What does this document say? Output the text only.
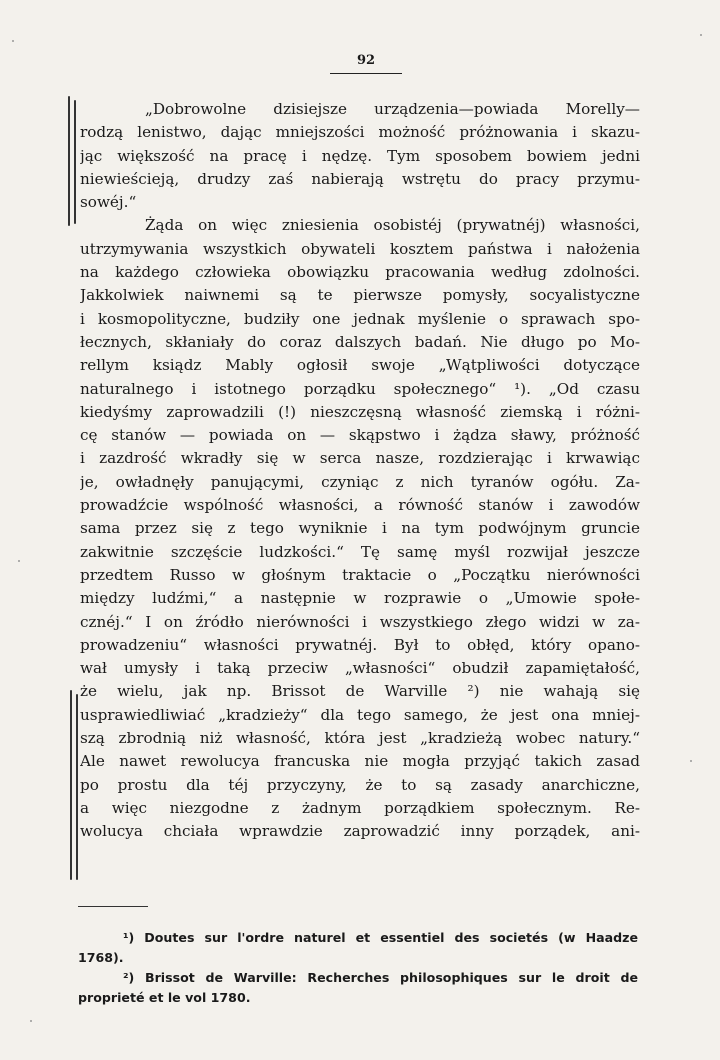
92
„Dobrowolne dzisiejsze urządzenia—powiada Morelly—
rodzą lenistwo, dając mniejszości możność próżnowania i skazu-
jąc większość na pracę i nędzę. Tym sposobem bowiem jedni
niewieścieją, drudzy zaś nabierają wstrętu do pracy przymu-
sowéj.“
Żąda on więc zniesienia osobistéj (prywatnéj) własności,
utrzymywania wszystkich obywateli kosztem państwa i nałożenia
na każdego człowieka obowiązku pracowania według zdolności.
Jakkolwiek naiwnemi są te pierwsze pomysły, socyalistyczne
i kosmopolityczne, budziły one jednak myślenie o sprawach spo-
łecznych, skłaniały do coraz dalszych badań. Nie długo po Mo-
rellym ksiądz Mably ogłosił swoje „Wątpliwości dotyczące
naturalnego i istotnego porządku społecznego“ ¹). „Od czasu
kiedyśmy zaprowadzili (!) nieszczęsną własność ziemską i różni-
cę stanów — powiada on — skąpstwo i żądza sławy, próżność
i zazdrość wkradły się w serca nasze, rozdzierając i krwawiąc
je, owładnęły panującymi, czyniąc z nich tyranów ogółu. Za-
prowadźcie wspólność własności, a równość stanów i zawodów
sama przez się z tego wyniknie i na tym podwójnym gruncie
zakwitnie szczęście ludzkości.“ Tę samę myśl rozwijał jeszcze
przedtem Russo w głośnym traktacie o „Początku nierówności
między ludźmi,“ a następnie w rozprawie o „Umowie społe-
cznéj.“ I on źródło nierówności i wszystkiego złego widzi w za-
prowadzeniu“ własności prywatnéj. Był to obłęd, który opano-
wał umysły i taką przeciw „własności“ obudził zapamiętałość,
że wielu, jak np. Brissot de Warville ²) nie wahają się
usprawiedliwiać „kradzieży“ dla tego samego, że jest ona mniej-
szą zbrodnią niż własność, która jest „kradzieżą wobec natury.“
Ale nawet rewolucya francuska nie mogła przyjąć takich zasad
po prostu dla téj przyczyny, że to są zasady anarchiczne,
a więc niezgodne z żadnym porządkiem społecznym. Re-
wolucya chciała wprawdzie zaprowadzić inny porządek, ani-
¹) Doutes sur l'ordre naturel et essentiel des societés (w Haadze
1768).
²) Brissot de Warville: Recherches philosophiques sur le droit de
proprieté et le vol 1780.
